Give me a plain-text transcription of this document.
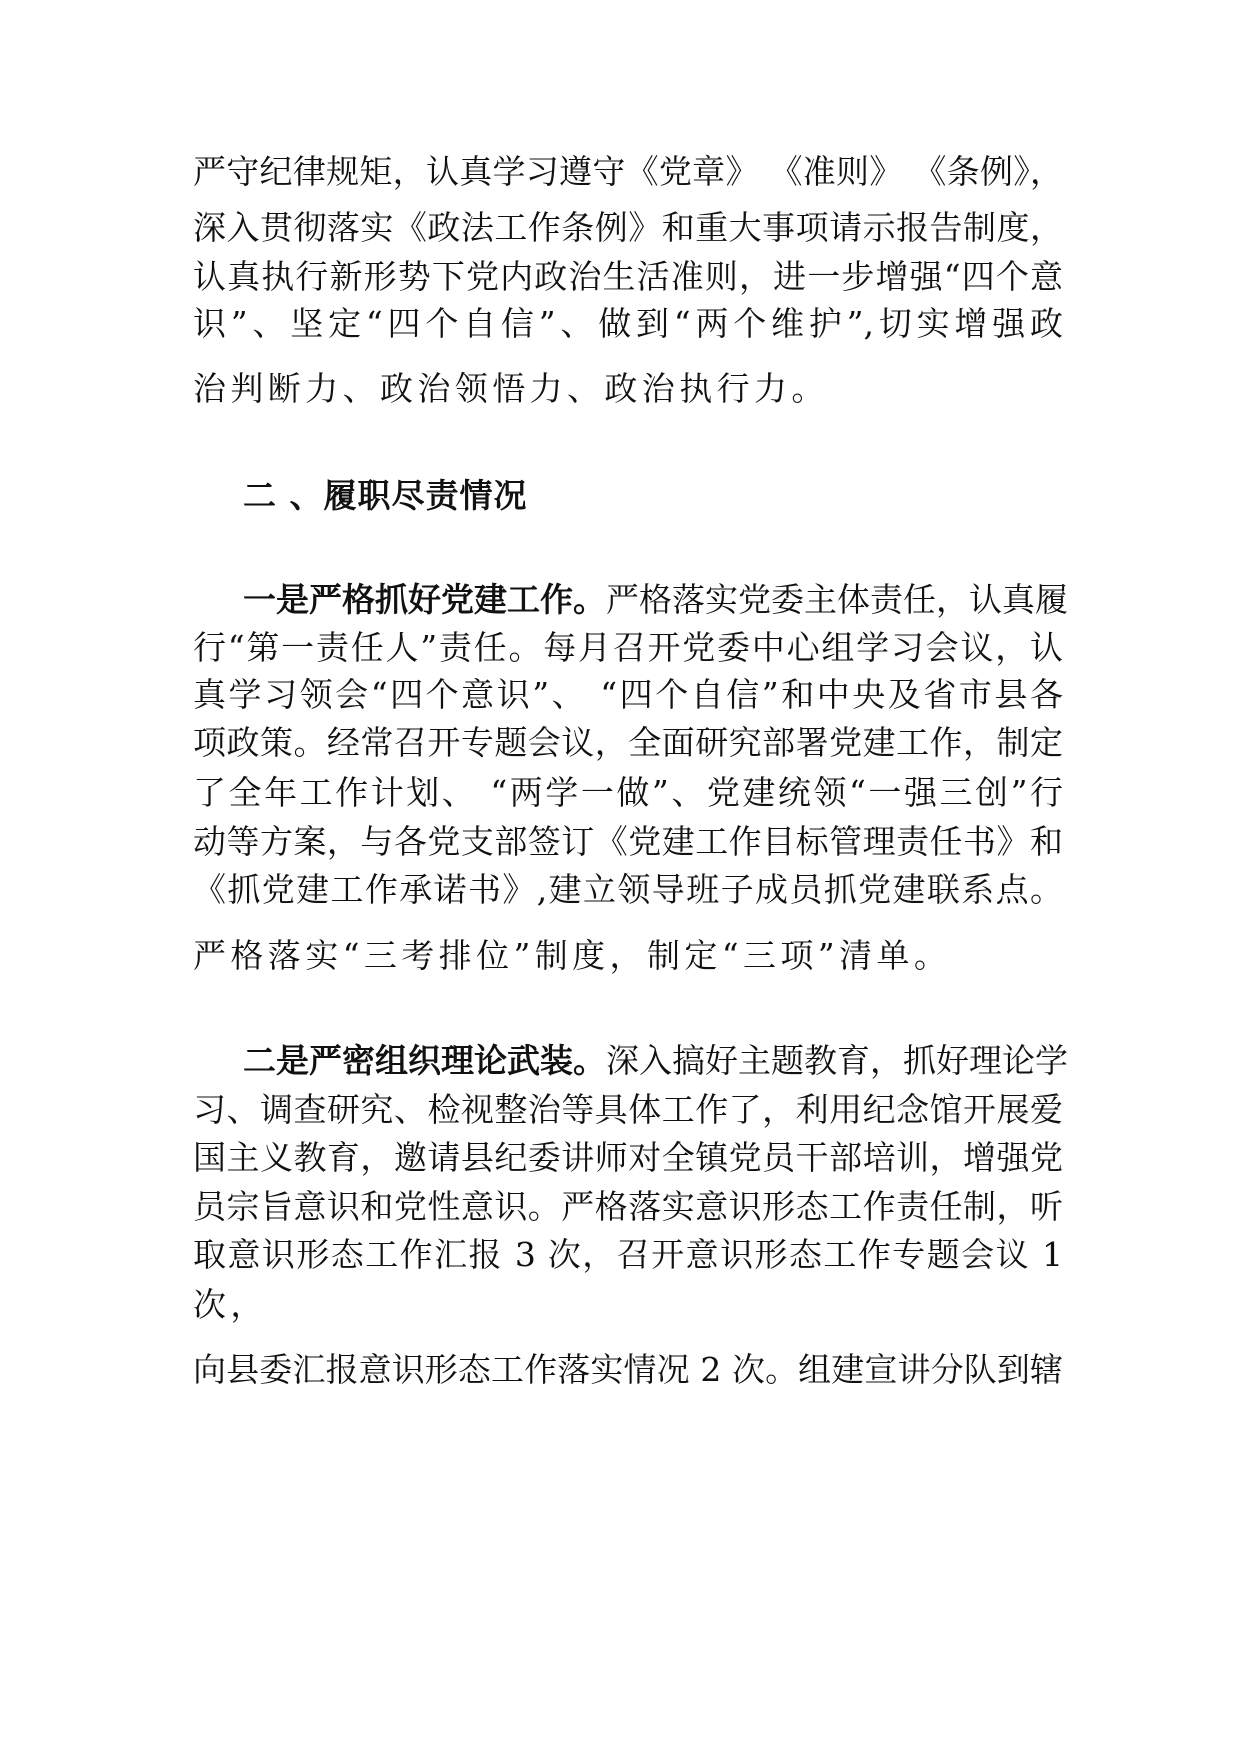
严守纪律规矩，认真学习遵守《党章》 《准则》 《条例》，
深入贯彻落实《政法工作条例》和重大事项请示报告制度，
认真执行新形势下党内政治生活准则，进一步增强“四个意
识”、坚定“四个自信”、做到“两个维护”,切实增强政
治判断力、政治领悟力、政治执行力。
二 、履职尽责情况
一是严格抓好党建工作。严格落实党委主体责任，认真履
行“第一责任人”责任。每月召开党委中心组学习会议，认
真学习领会“四个意识”、 “四个自信”和中央及省市县各
项政策。经常召开专题会议，全面研究部署党建工作，制定
了全年工作计划、 “两学一做”、党建统领“一强三创”行
动等方案，与各党支部签订《党建工作目标管理责任书》和
《抓党建工作承诺书》,建立领导班子成员抓党建联系点。
严格落实“三考排位”制度，制定“三项”清单。
二是严密组织理论武装。深入搞好主题教育，抓好理论学
习、调查研究、检视整治等具体工作了，利用纪念馆开展爱
国主义教育，邀请县纪委讲师对全镇党员干部培训，增强党
员宗旨意识和党性意识。严格落实意识形态工作责任制，听
取意识形态工作汇报 3 次，召开意识形态工作专题会议 1
次，
向县委汇报意识形态工作落实情况 2 次。组建宣讲分队到辖
